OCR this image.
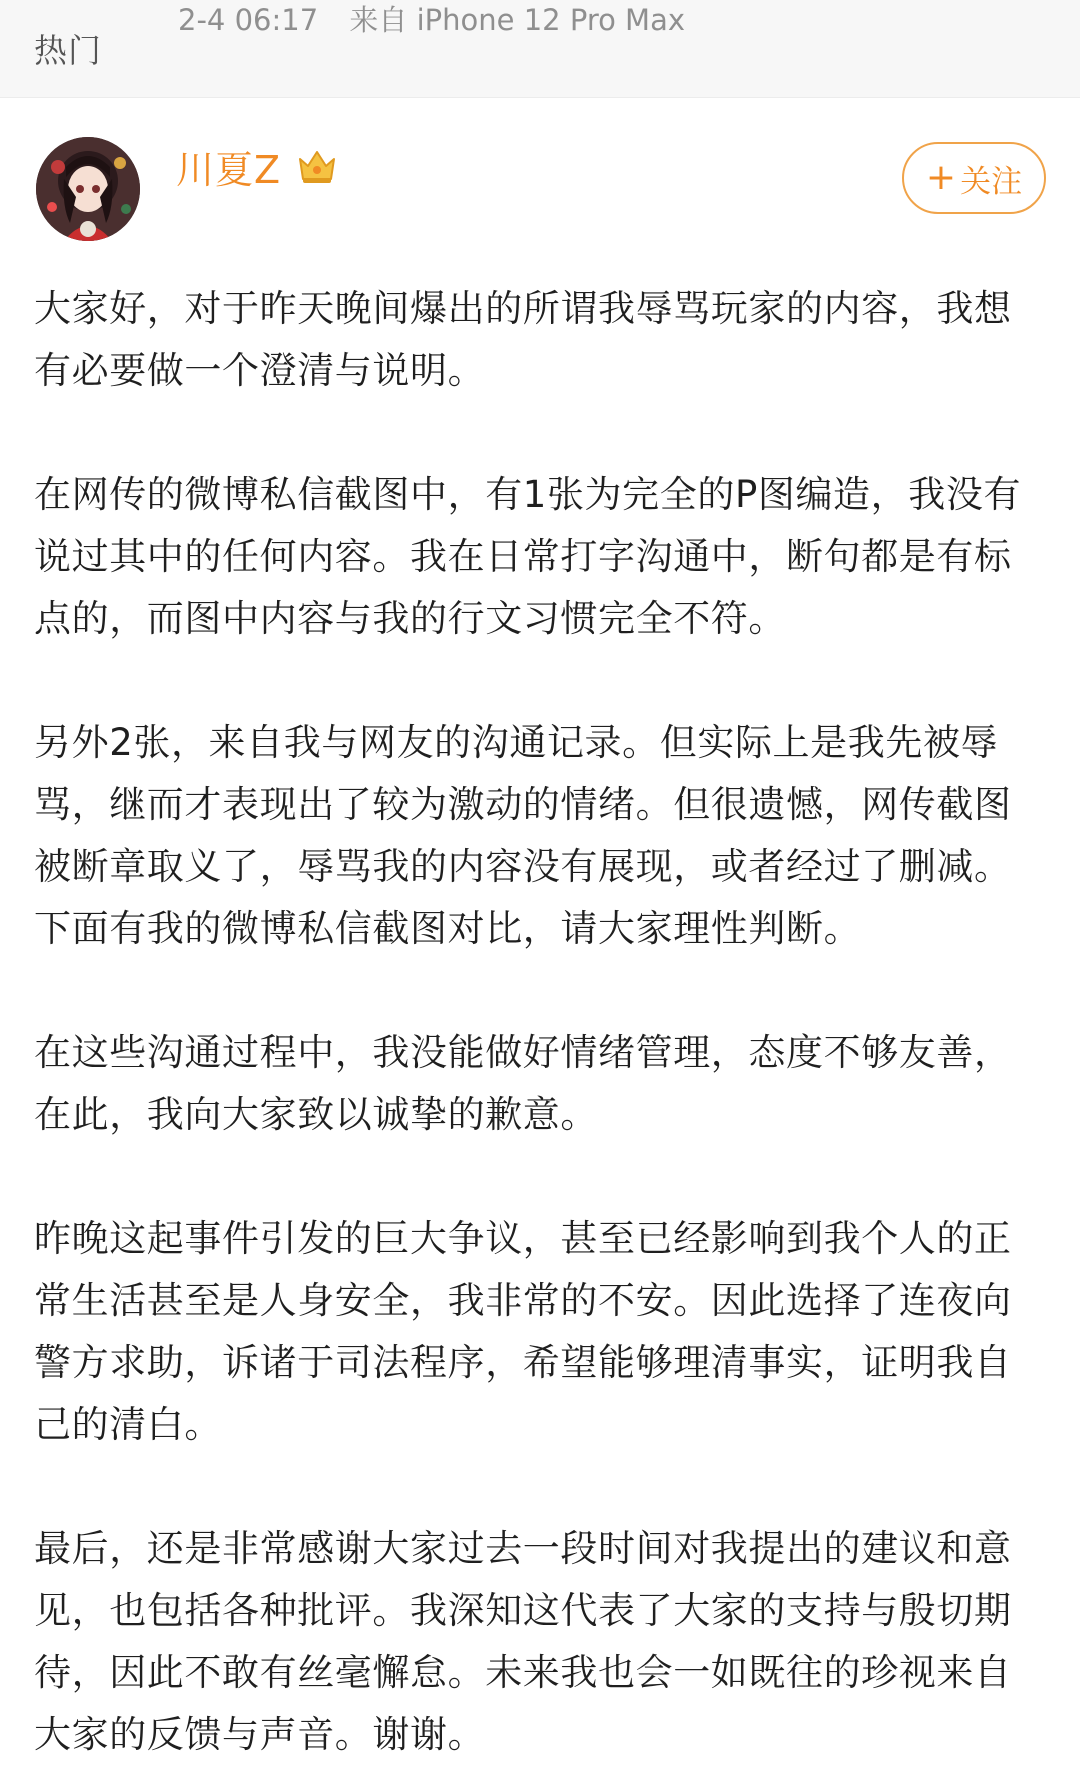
热门
川夏Z
2-4 06:17 来自 iPhone 12 Pro Max
+ 关注

大家好，对于昨天晚间爆出的所谓我辱骂玩家的内容，我想有必要做一个澄清与说明。

在网传的微博私信截图中，有1张为完全的P图编造，我没有说过其中的任何内容。我在日常打字沟通中，断句都是有标点的，而图中内容与我的行文习惯完全不符。

另外2张，来自我与网友的沟通记录。但实际上是我先被辱骂，继而才表现出了较为激动的情绪。但很遗憾，网传截图被断章取义了，辱骂我的内容没有展现，或者经过了删减。下面有我的微博私信截图对比，请大家理性判断。

在这些沟通过程中，我没能做好情绪管理，态度不够友善，在此，我向大家致以诚挚的歉意。

昨晚这起事件引发的巨大争议，甚至已经影响到我个人的正常生活甚至是人身安全，我非常的不安。因此选择了连夜向警方求助，诉诸于司法程序，希望能够理清事实，证明我自己的清白。

最后，还是非常感谢大家过去一段时间对我提出的建议和意见，也包括各种批评。我深知这代表了大家的支持与殷切期待，因此不敢有丝毫懈怠。未来我也会一如既往的珍视来自大家的反馈与声音。谢谢。
